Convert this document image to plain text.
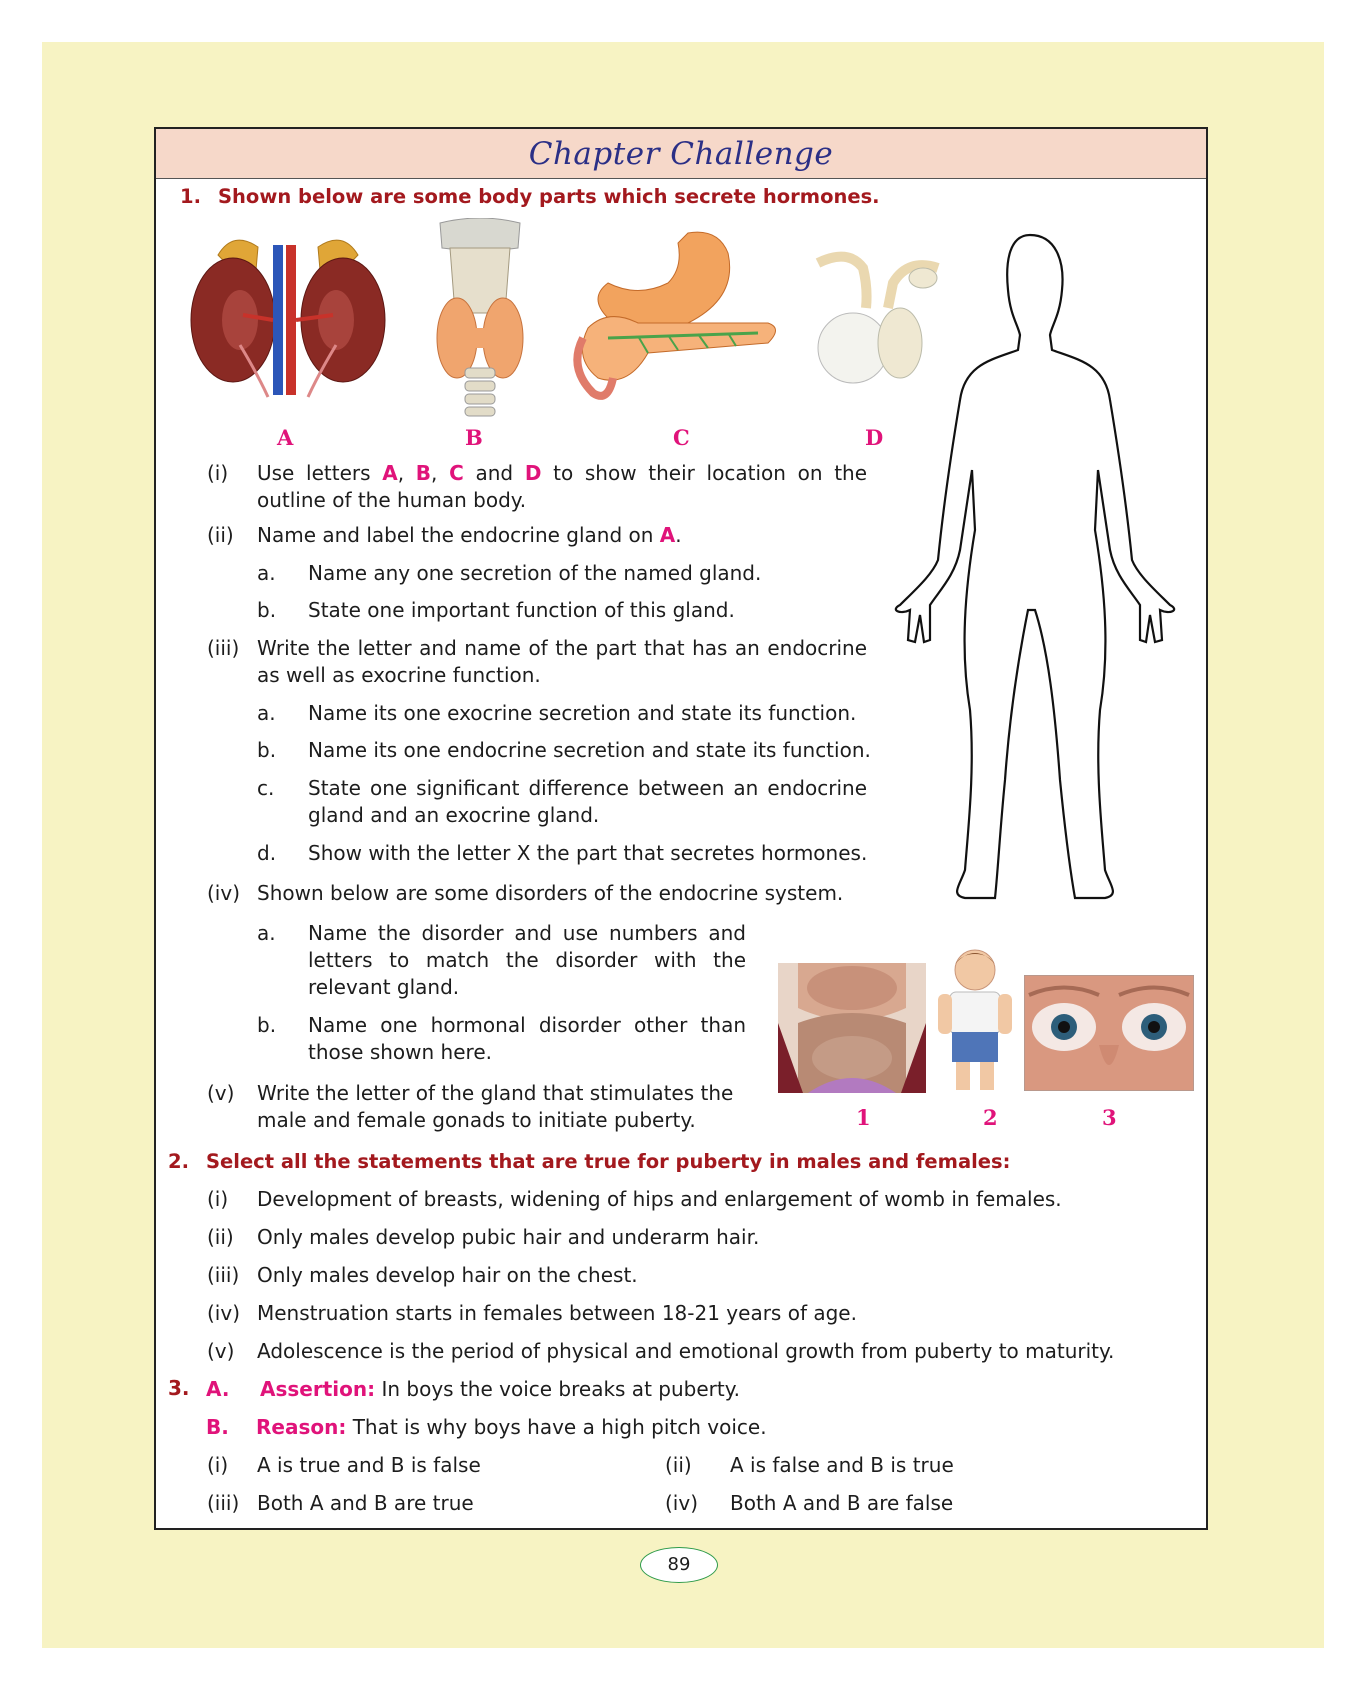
Chapter Challenge
1. Shown below are some body parts which secrete hormones.
A	B	C	D
(i) Use letters A, B, C and D to show their location on the outline of the human body.
(ii) Name and label the endocrine gland on A.
a. Name any one secretion of the named gland.
b. State one important function of this gland.
(iii) Write the letter and name of the part that has an endocrine as well as exocrine function.
a. Name its one exocrine secretion and state its function.
b. Name its one endocrine secretion and state its function.
c. State one significant difference between an endocrine gland and an exocrine gland.
d. Show with the letter X the part that secretes hormones.
(iv) Shown below are some disorders of the endocrine system.
a. Name the disorder and use numbers and letters to match the disorder with the relevant gland.
b. Name one hormonal disorder other than those shown here.
(v) Write the letter of the gland that stimulates the male and female gonads to initiate puberty.	1	2	3
2. Select all the statements that are true for puberty in males and females:
(i) Development of breasts, widening of hips and enlargement of womb in females.
(ii) Only males develop pubic hair and underarm hair.
(iii) Only males develop hair on the chest.
(iv) Menstruation starts in females between 18-21 years of age.
(v) Adolescence is the period of physical and emotional growth from puberty to maturity.
3. A. Assertion: In boys the voice breaks at puberty.
B. Reason: That is why boys have a high pitch voice.
(i) A is true and B is false	(ii) A is false and B is true
(iii) Both A and B are true	(iv) Both A and B are false
89
